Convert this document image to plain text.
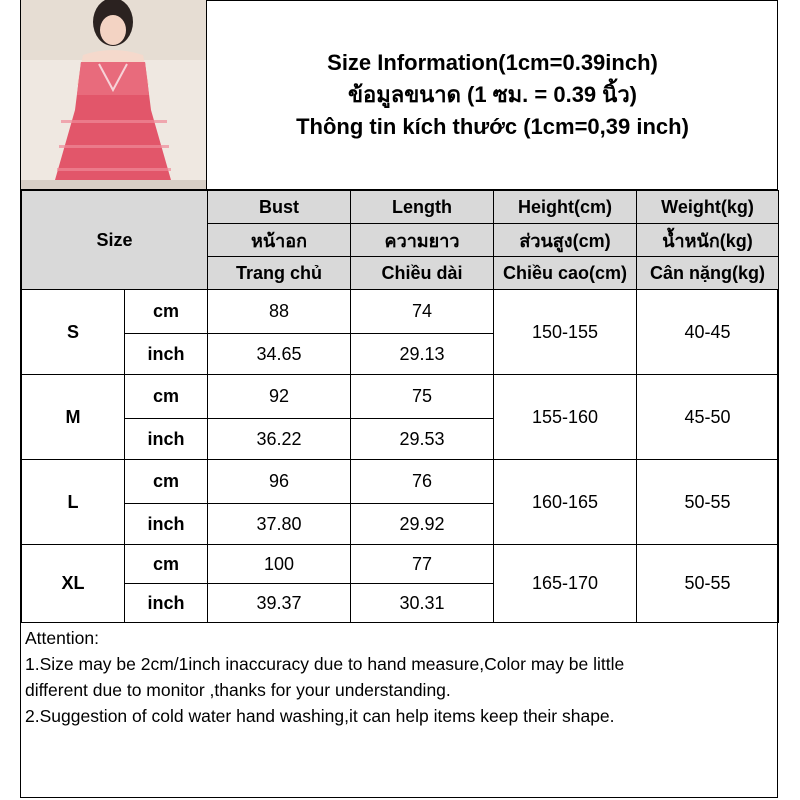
Size Information(1cm=0.39inch)
ข้อมูลขนาด (1 ซม. = 0.39 นิ้ว)
Thông tin kích thước (1cm=0,39 inch)
Size		Bust	Length	Height(cm)	Weight(kg)
		หน้าอก	ความยาว	ส่วนสูง(cm)	น้ำหนัก(kg)
		Trang chủ	Chiều dài	Chiều cao(cm)	Cân nặng(kg)
S	cm	88	74	150-155	40-45
	inch	34.65	29.13		
M	cm	92	75	155-160	45-50
	inch	36.22	29.53		
L	cm	96	76	160-165	50-55
	inch	37.80	29.92		
XL	cm	100	77	165-170	50-55
	inch	39.37	30.31		
Attention:
1.Size may be 2cm/1inch inaccuracy due to hand measure,Color may be little
different due to monitor ,thanks for your understanding.
2.Suggestion of cold water hand washing,it can help items keep their shape.
